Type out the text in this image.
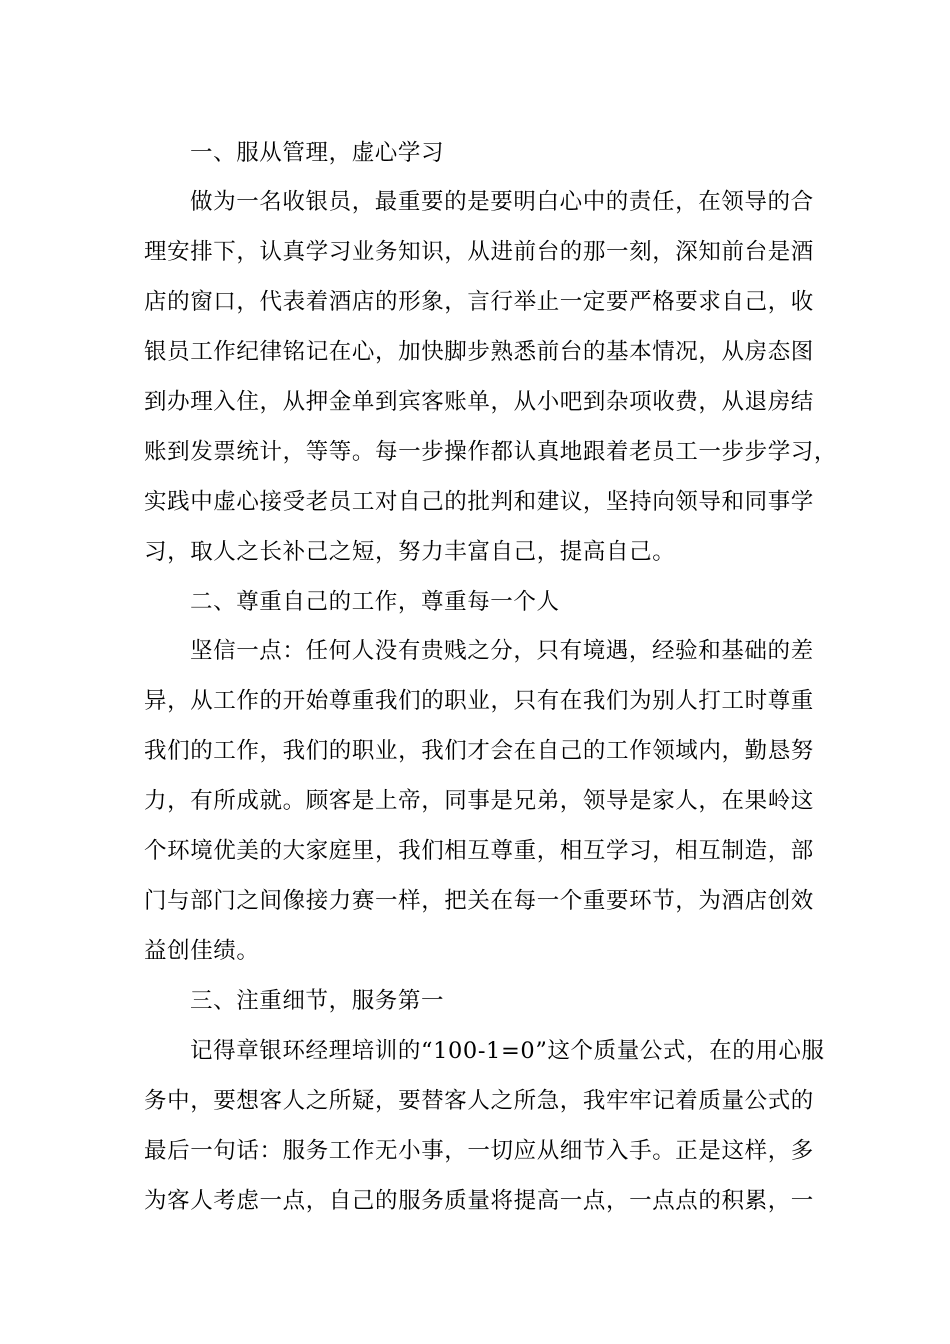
一、服从管理，虚心学习
做为一名收银员，最重要的是要明白心中的责任，在领导的合
理安排下，认真学习业务知识，从进前台的那一刻，深知前台是酒
店的窗口，代表着酒店的形象，言行举止一定要严格要求自己，收
银员工作纪律铭记在心，加快脚步熟悉前台的基本情况，从房态图
到办理入住，从押金单到宾客账单，从小吧到杂项收费，从退房结
账到发票统计，等等。每一步操作都认真地跟着老员工一步步学习，
实践中虚心接受老员工对自己的批判和建议，坚持向领导和同事学
习，取人之长补己之短，努力丰富自己，提高自己。
二、尊重自己的工作，尊重每一个人
坚信一点：任何人没有贵贱之分，只有境遇，经验和基础的差
异，从工作的开始尊重我们的职业，只有在我们为别人打工时尊重
我们的工作，我们的职业，我们才会在自己的工作领域内，勤恳努
力，有所成就。顾客是上帝，同事是兄弟，领导是家人，在果岭这
个环境优美的大家庭里，我们相互尊重，相互学习，相互制造，部
门与部门之间像接力赛一样，把关在每一个重要环节，为酒店创效
益创佳绩。
三、注重细节，服务第一
记得章银环经理培训的“100-1=0”这个质量公式，在的用心服
务中，要想客人之所疑，要替客人之所急，我牢牢记着质量公式的
最后一句话：服务工作无小事，一切应从细节入手。正是这样，多
为客人考虑一点，自己的服务质量将提高一点，一点点的积累，一
